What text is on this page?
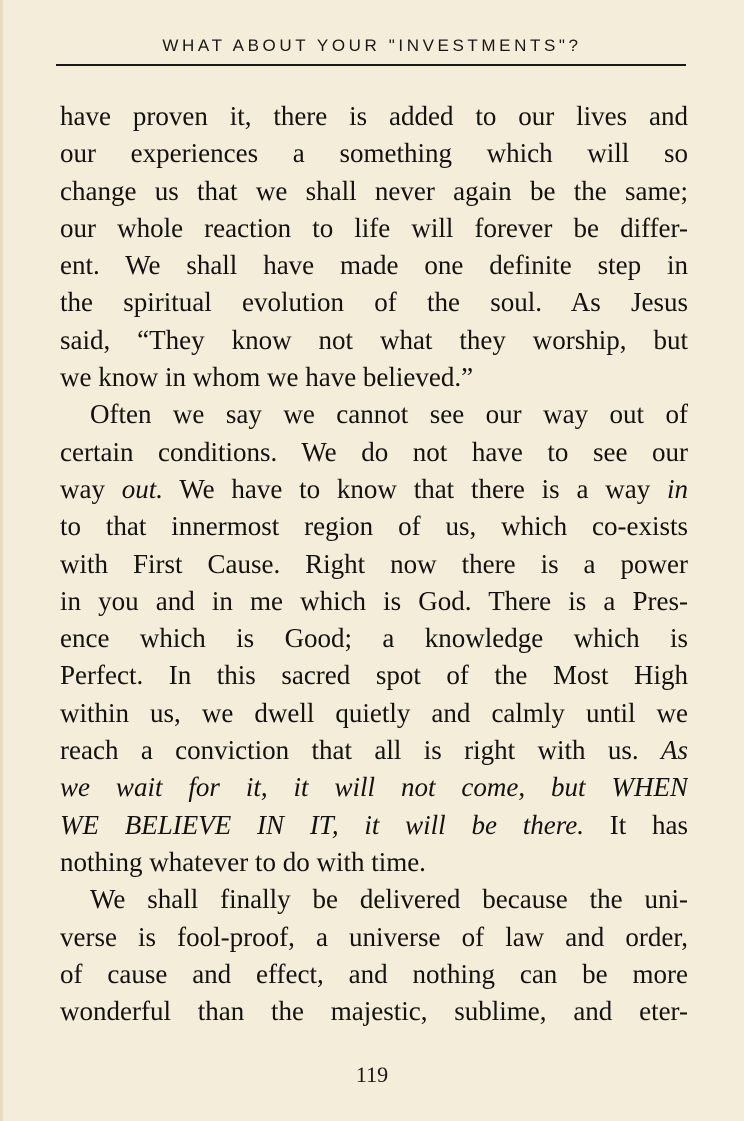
WHAT ABOUT YOUR "INVESTMENTS"?
have proven it, there is added to our lives and
our experiences a something which will so
change us that we shall never again be the same;
our whole reaction to life will forever be differ-
ent. We shall have made one definite step in
the spiritual evolution of the soul. As Jesus
said, “They know not what they worship, but
we know in whom we have believed.”
Often we say we cannot see our way out of
certain conditions. We do not have to see our
way out. We have to know that there is a way in
to that innermost region of us, which co-exists
with First Cause. Right now there is a power
in you and in me which is God. There is a Pres-
ence which is Good; a knowledge which is
Perfect. In this sacred spot of the Most High
within us, we dwell quietly and calmly until we
reach a conviction that all is right with us. As
we wait for it, it will not come, but WHEN
WE BELIEVE IN IT, it will be there. It has
nothing whatever to do with time.
We shall finally be delivered because the uni-
verse is fool-proof, a universe of law and order,
of cause and effect, and nothing can be more
wonderful than the majestic, sublime, and eter-
119
